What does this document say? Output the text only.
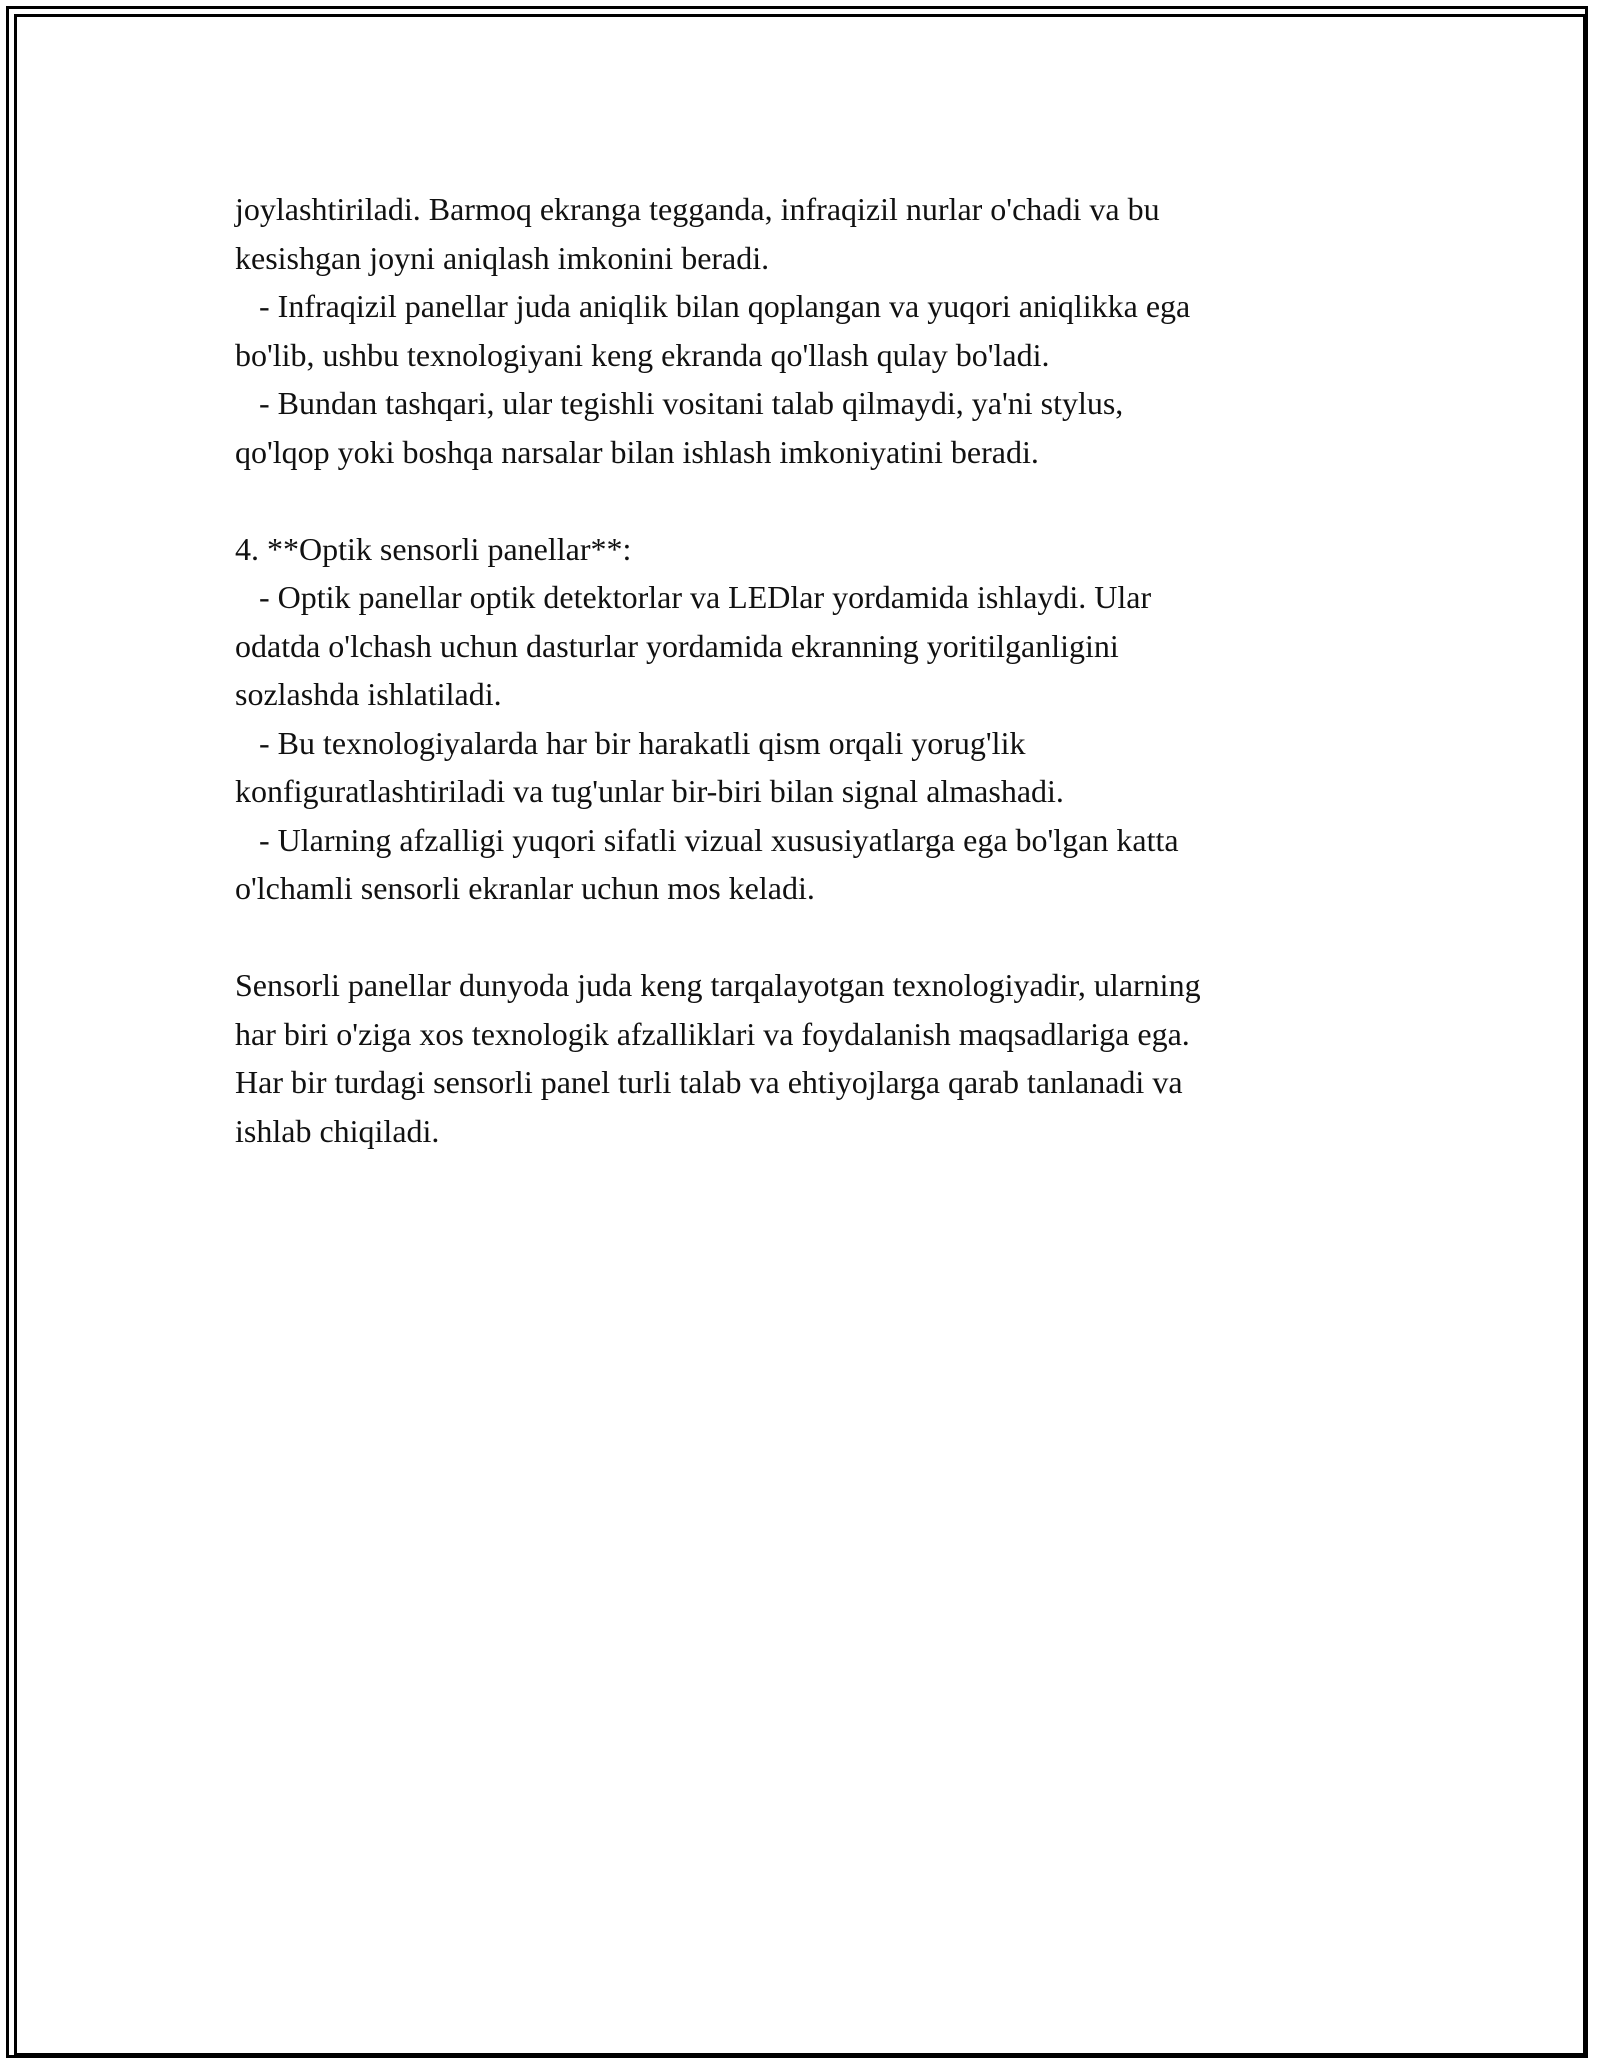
joylashtiriladi. Barmoq ekranga tegganda, infraqizil nurlar o'chadi va bu
kesishgan joyni aniqlash imkonini beradi.
- Infraqizil panellar juda aniqlik bilan qoplangan va yuqori aniqlikka ega
bo'lib, ushbu texnologiyani keng ekranda qo'llash qulay bo'ladi.
- Bundan tashqari, ular tegishli vositani talab qilmaydi, ya'ni stylus,
qo'lqop yoki boshqa narsalar bilan ishlash imkoniyatini beradi.
4. **Optik sensorli panellar**:
- Optik panellar optik detektorlar va LEDlar yordamida ishlaydi. Ular
odatda o'lchash uchun dasturlar yordamida ekranning yoritilganligini
sozlashda ishlatiladi.
- Bu texnologiyalarda har bir harakatli qism orqali yorug'lik
konfiguratlashtiriladi va tug'unlar bir-biri bilan signal almashadi.
- Ularning afzalligi yuqori sifatli vizual xususiyatlarga ega bo'lgan katta
o'lchamli sensorli ekranlar uchun mos keladi.
Sensorli panellar dunyoda juda keng tarqalayotgan texnologiyadir, ularning
har biri o'ziga xos texnologik afzalliklari va foydalanish maqsadlariga ega.
Har bir turdagi sensorli panel turli talab va ehtiyojlarga qarab tanlanadi va
ishlab chiqiladi.
